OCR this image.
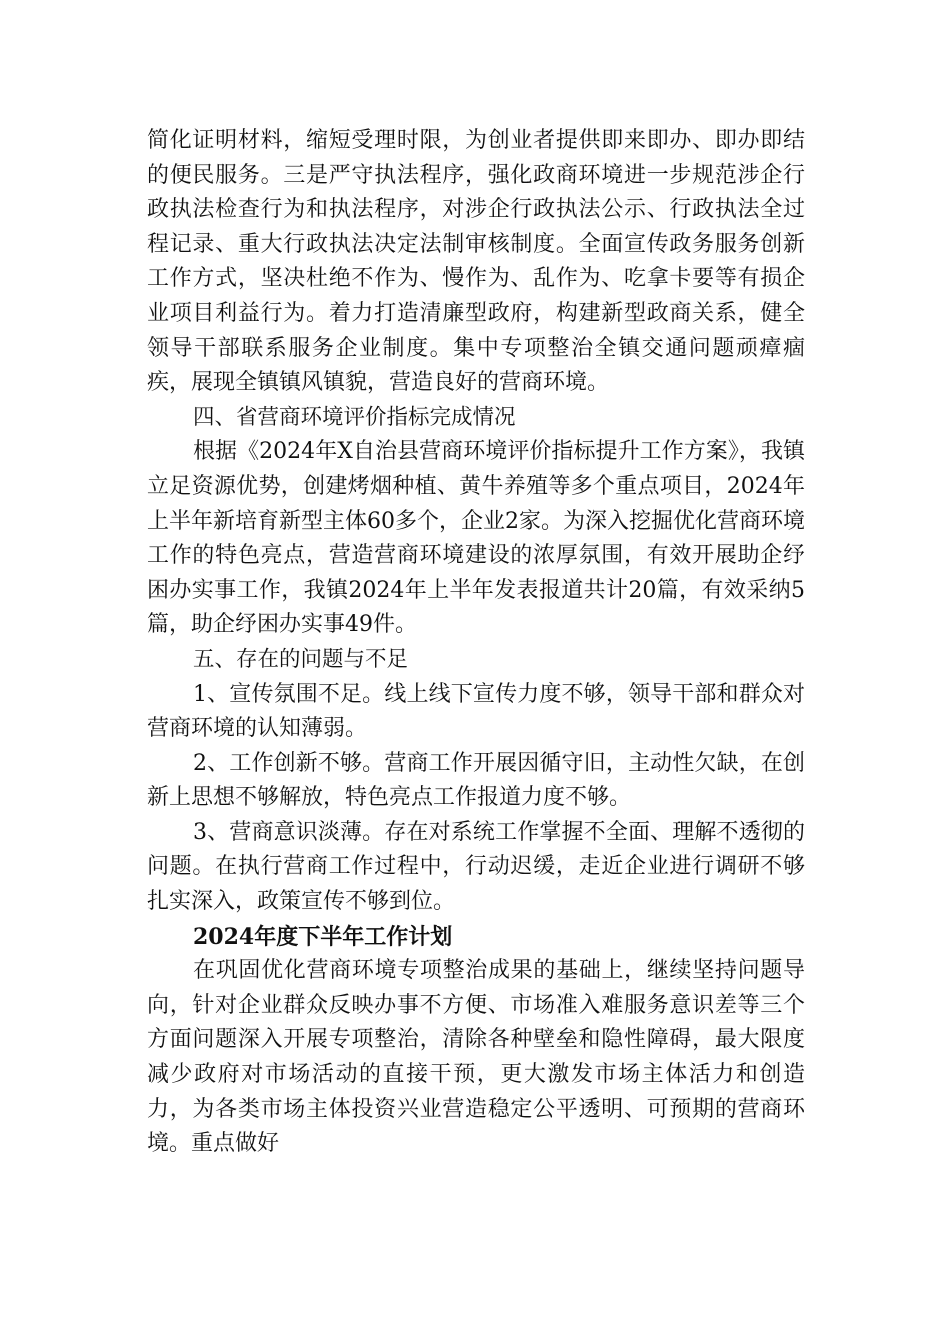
简化证明材料，缩短受理时限，为创业者提供即来即办、即办即结的便民服务。三是严守执法程序，强化政商环境进一步规范涉企行政执法检查行为和执法程序，对涉企行政执法公示、行政执法全过程记录、重大行政执法决定法制审核制度。全面宣传政务服务创新工作方式，坚决杜绝不作为、慢作为、乱作为、吃拿卡要等有损企业项目利益行为。着力打造清廉型政府，构建新型政商关系，健全领导干部联系服务企业制度。集中专项整治全镇交通问题顽瘴痼疾，展现全镇镇风镇貌，营造良好的营商环境。

四、省营商环境评价指标完成情况

根据《2024年X自治县营商环境评价指标提升工作方案》，我镇立足资源优势，创建烤烟种植、黄牛养殖等多个重点项目，2024年上半年新培育新型主体60多个，企业2家。为深入挖掘优化营商环境工作的特色亮点，营造营商环境建设的浓厚氛围，有效开展助企纾困办实事工作，我镇2024年上半年发表报道共计20篇，有效采纳5篇，助企纾困办实事49件。

五、存在的问题与不足

1、宣传氛围不足。线上线下宣传力度不够，领导干部和群众对营商环境的认知薄弱。

2、工作创新不够。营商工作开展因循守旧，主动性欠缺，在创新上思想不够解放，特色亮点工作报道力度不够。

3、营商意识淡薄。存在对系统工作掌握不全面、理解不透彻的问题。在执行营商工作过程中，行动迟缓，走近企业进行调研不够扎实深入，政策宣传不够到位。

2024年度下半年工作计划

在巩固优化营商环境专项整治成果的基础上，继续坚持问题导向，针对企业群众反映办事不方便、市场准入难服务意识差等三个方面问题深入开展专项整治，清除各种壁垒和隐性障碍，最大限度减少政府对市场活动的直接干预，更大激发市场主体活力和创造力，为各类市场主体投资兴业营造稳定公平透明、可预期的营商环境。重点做好
